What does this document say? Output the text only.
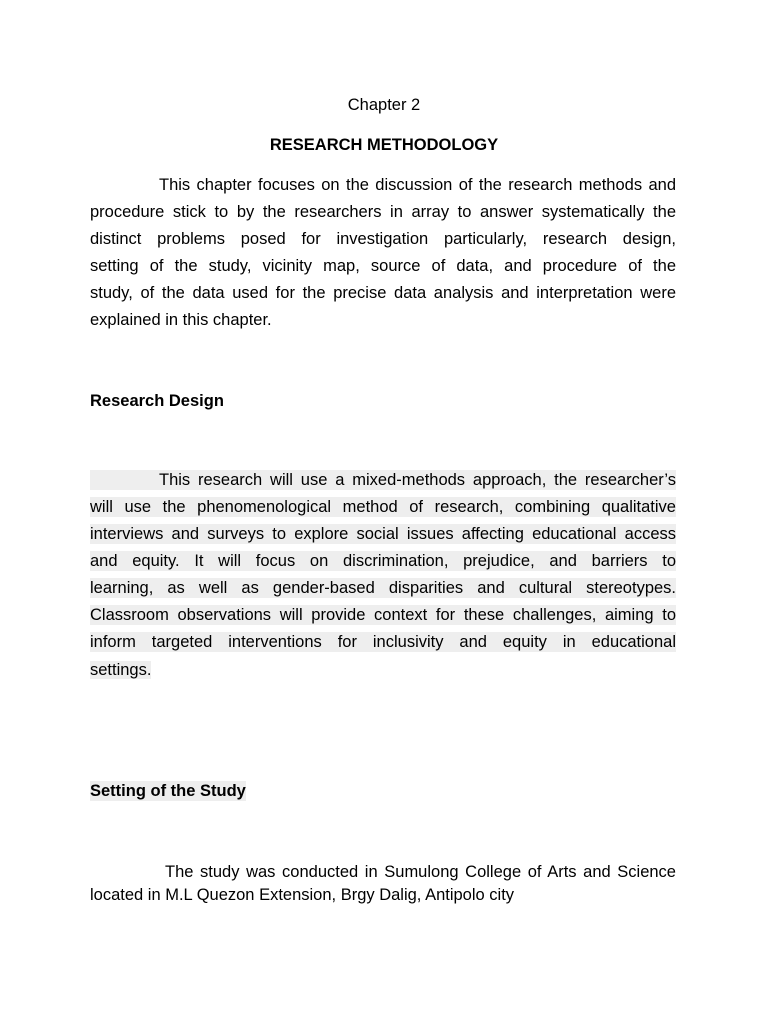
Chapter 2
RESEARCH METHODOLOGY
This chapter focuses on the discussion of the research methods and
procedure stick to by the researchers in array to answer systematically the
distinct problems posed for investigation particularly, research design,
setting of the study, vicinity map, source of data, and procedure of the
study, of the data used for the precise data analysis and interpretation were
explained in this chapter.
Research Design
This research will use a mixed-methods approach, the researcher’s
will use the phenomenological method of research, combining qualitative
interviews and surveys to explore social issues affecting educational access
and equity. It will focus on discrimination, prejudice, and barriers to
learning, as well as gender-based disparities and cultural stereotypes.
Classroom observations will provide context for these challenges, aiming to
inform targeted interventions for inclusivity and equity in educational
settings.
Setting of the Study
The study was conducted in Sumulong College of Arts and Science
located in M.L Quezon Extension, Brgy Dalig, Antipolo city
